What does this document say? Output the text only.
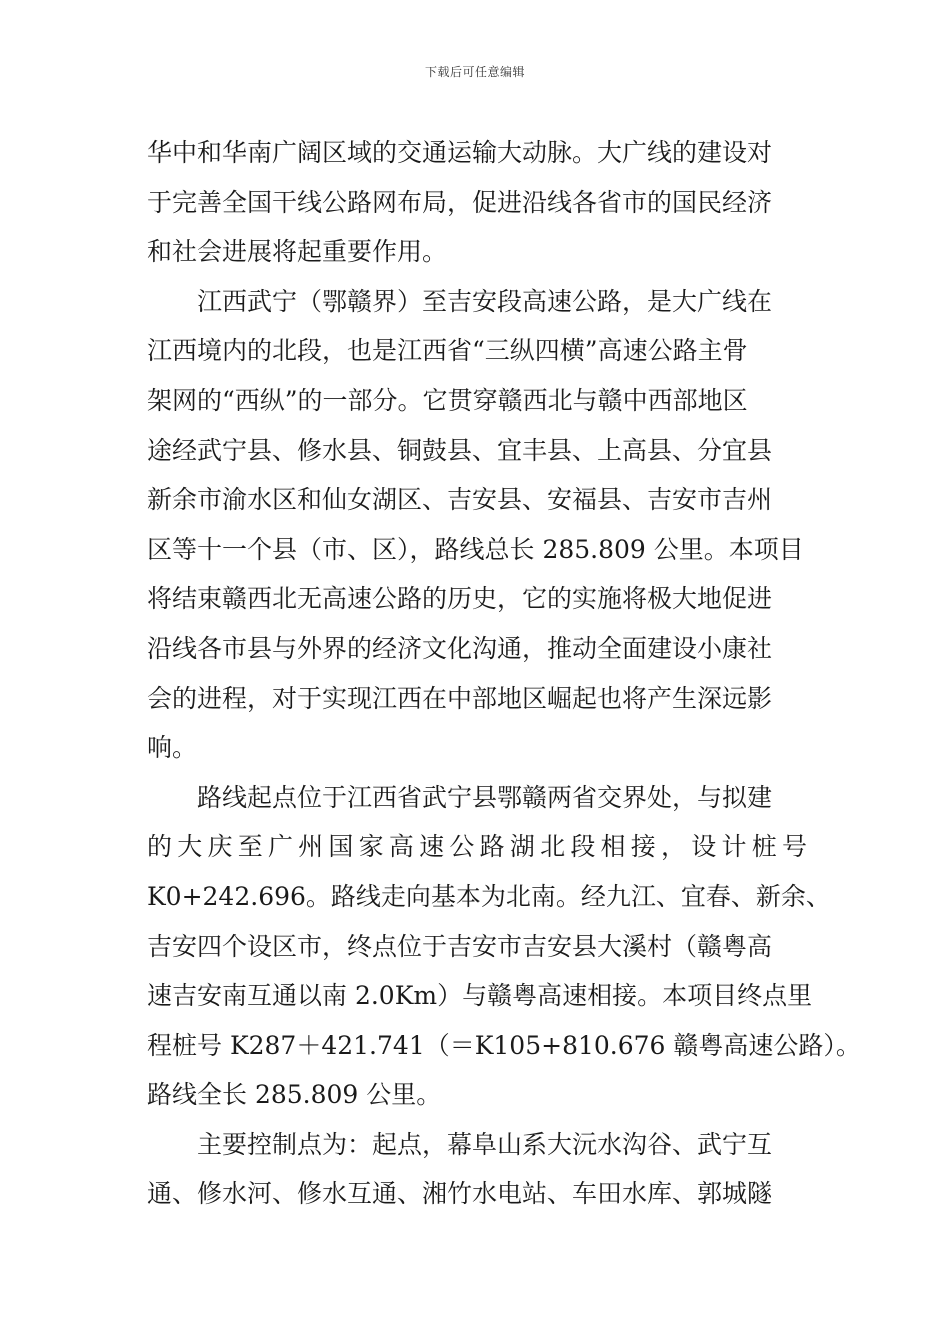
下载后可任意编辑
华中和华南广阔区域的交通运输大动脉。大广线的建设对
于完善全国干线公路网布局，促进沿线各省市的国民经济
和社会进展将起重要作用。
江西武宁（鄂赣界）至吉安段高速公路，是大广线在
江西境内的北段，也是江西省“三纵四横”高速公路主骨
架网的“西纵”的一部分。它贯穿赣西北与赣中西部地区
途经武宁县、修水县、铜鼓县、宜丰县、上高县、分宜县
新余市渝水区和仙女湖区、吉安县、安福县、吉安市吉州
区等十一个县（市、区），路线总长 285.809 公里。本项目
将结束赣西北无高速公路的历史，它的实施将极大地促进
沿线各市县与外界的经济文化沟通，推动全面建设小康社
会的进程，对于实现江西在中部地区崛起也将产生深远影
响。
路线起点位于江西省武宁县鄂赣两省交界处，与拟建
的大庆至广州国家高速公路湖北段相接，设计桩号
K0+242.696。路线走向基本为北南。经九江、宜春、新余、
吉安四个设区市，终点位于吉安市吉安县大溪村（赣粤高
速吉安南互通以南 2.0Km）与赣粤高速相接。本项目终点里
程桩号 K287＋421.741（＝K105+810.676 赣粤高速公路）。
路线全长 285.809 公里。
主要控制点为：起点，幕阜山系大沅水沟谷、武宁互
通、修水河、修水互通、湘竹水电站、车田水库、郭城隧
